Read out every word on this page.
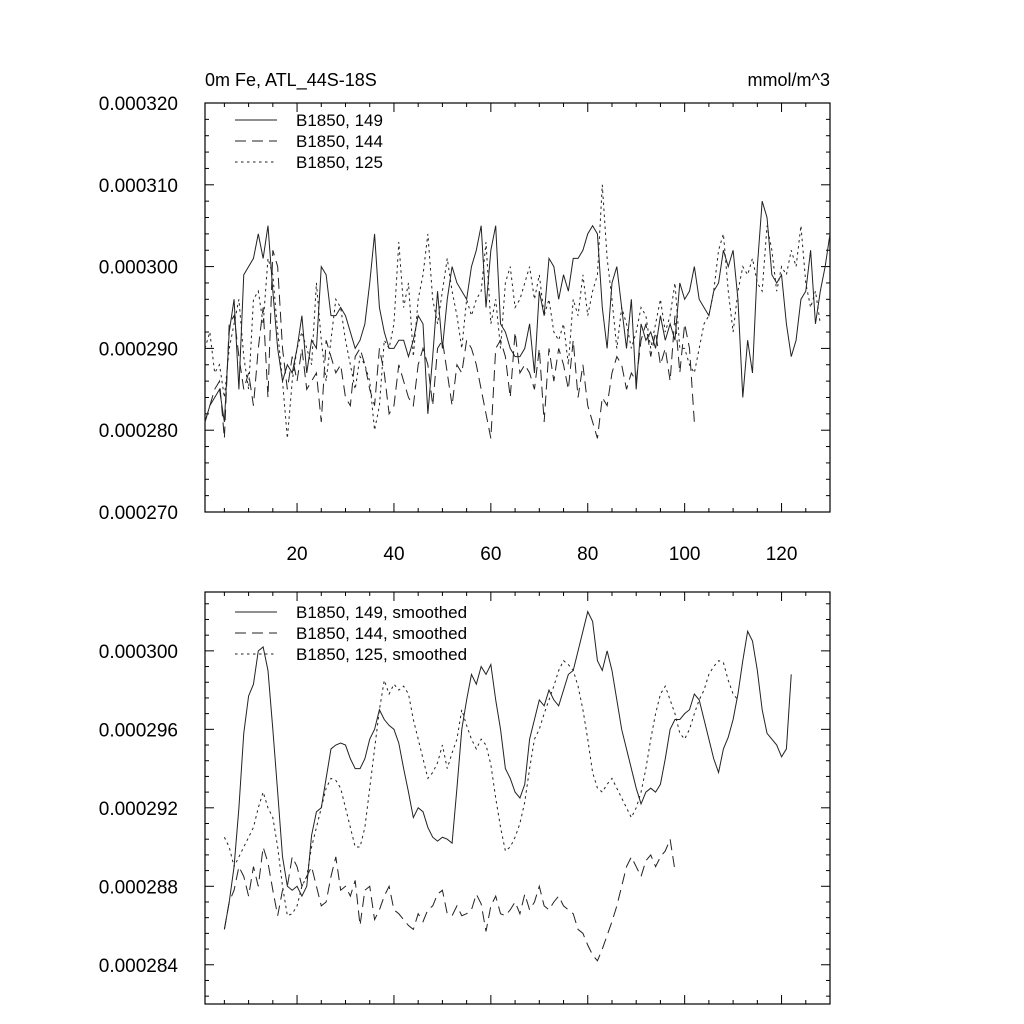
0m Fe, ATL_44S-18S	mmol/m^3
0.000320
0.000310
0.000300
0.000290
0.000280
0.000270
20	40	60	80	100	120
B1850, 149
B1850, 144
B1850, 125
0.000300
0.000296
0.000292
0.000288
0.000284
B1850, 149, smoothed
B1850, 144, smoothed
B1850, 125, smoothed
